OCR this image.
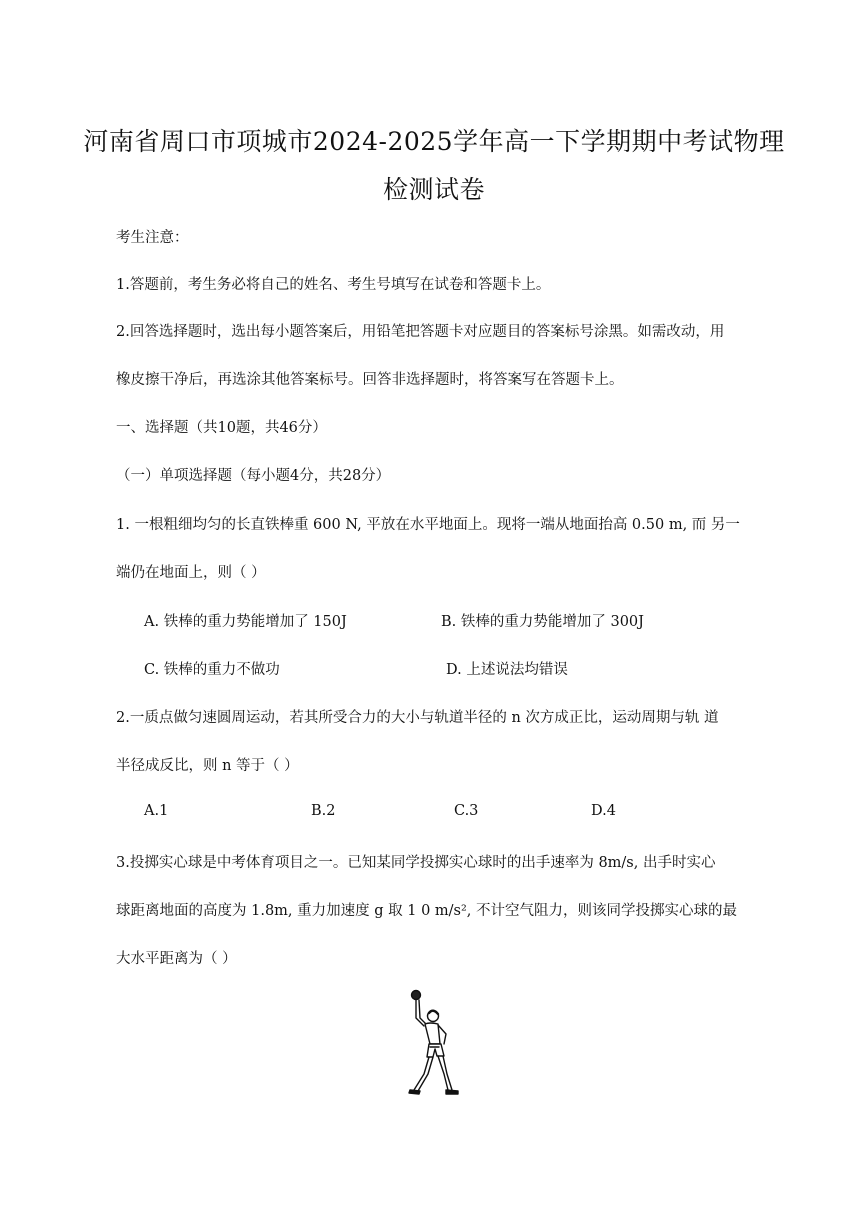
河南省周口市项城市2024-2025学年高一下学期期中考试物理
检测试卷
考生注意：
1.答题前，考生务必将自己的姓名、考生号填写在试卷和答题卡上。
2.回答选择题时，选出每小题答案后，用铅笔把答题卡对应题目的答案标号涂黑。如需改动，用
橡皮擦干净后，再选涂其他答案标号。回答非选择题时，将答案写在答题卡上。
一、选择题（共10题，共46分）
（一）单项选择题（每小题4分，共28分）
1. 一根粗细均匀的长直铁棒重 600 N, 平放在水平地面上。现将一端从地面抬高 0.50 m, 而 另一
端仍在地面上，则（ ）
A. 铁棒的重力势能增加了 150J	B. 铁棒的重力势能增加了 300J
C. 铁棒的重力不做功	D. 上述说法均错误
2.一质点做匀速圆周运动，若其所受合力的大小与轨道半径的 n 次方成正比，运动周期与轨 道
半径成反比，则 n 等于（ ）
A.1	B.2	C.3	D.4
3.投掷实心球是中考体育项目之一。已知某同学投掷实心球时的出手速率为 8m/s, 出手时实心
球距离地面的高度为 1.8m, 重力加速度 g 取 1 0 m/s², 不计空气阻力，则该同学投掷实心球的最
大水平距离为（ ）
